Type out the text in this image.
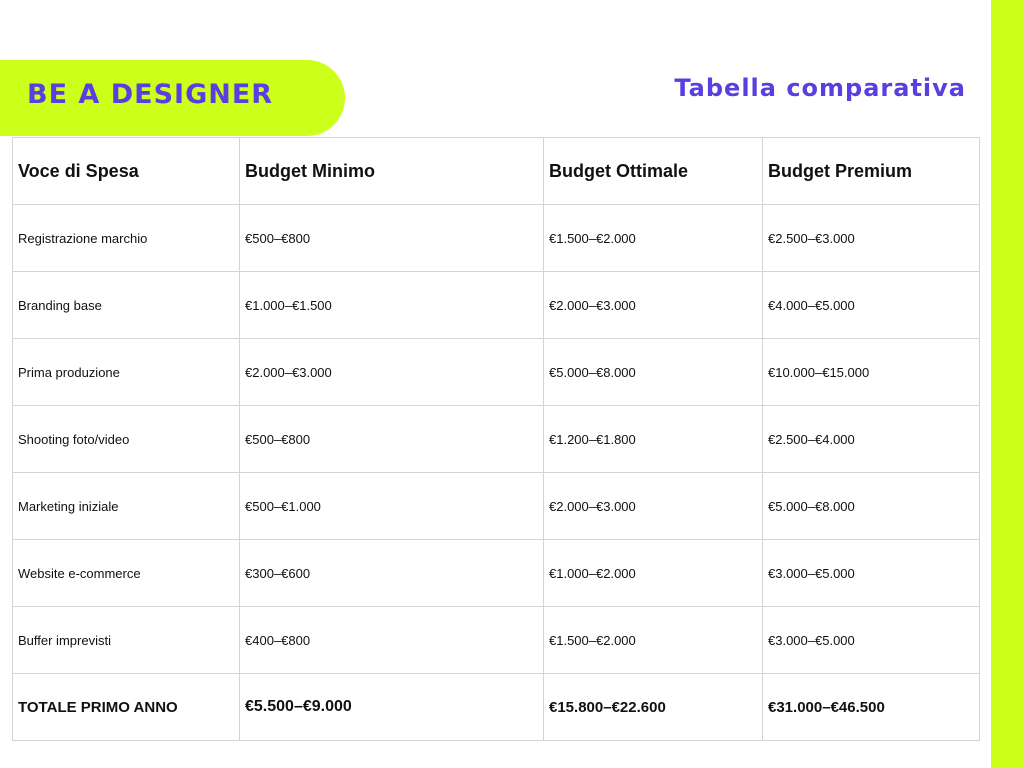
BE A DESIGNER	Tabella comparativa
Voce di Spesa	Budget Minimo	Budget Ottimale	Budget Premium
Registrazione marchio	€500–€800	€1.500–€2.000	€2.500–€3.000
Branding base	€1.000–€1.500	€2.000–€3.000	€4.000–€5.000
Prima produzione	€2.000–€3.000	€5.000–€8.000	€10.000–€15.000
Shooting foto/video	€500–€800	€1.200–€1.800	€2.500–€4.000
Marketing iniziale	€500–€1.000	€2.000–€3.000	€5.000–€8.000
Website e-commerce	€300–€600	€1.000–€2.000	€3.000–€5.000
Buffer imprevisti	€400–€800	€1.500–€2.000	€3.000–€5.000
TOTALE PRIMO ANNO	€5.500–€9.000	€15.800–€22.600	€31.000–€46.500
